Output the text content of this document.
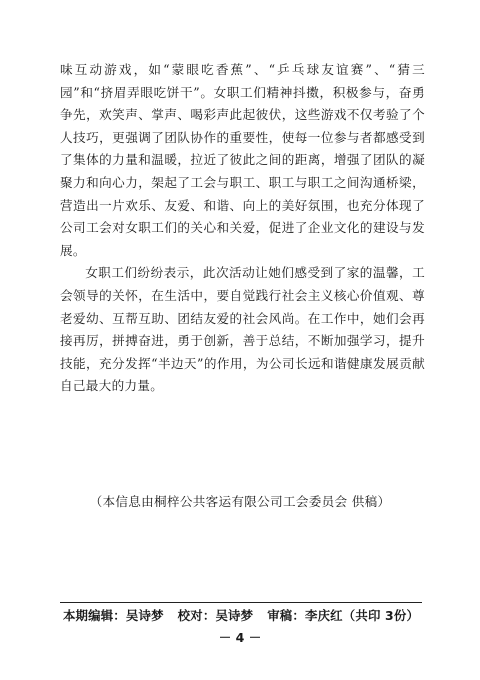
味互动游戏，如“蒙眼吃香蕉”、“乒乓球友谊赛”、“猜三园”和“挤眉弄眼吃饼干”。女职工们精神抖擞，积极参与，奋勇争先，欢笑声、掌声、喝彩声此起彼伏，这些游戏不仅考验了个人技巧，更强调了团队协作的重要性，使每一位参与者都感受到了集体的力量和温暖，拉近了彼此之间的距离，增强了团队的凝聚力和向心力，架起了工会与职工、职工与职工之间沟通桥梁，营造出一片欢乐、友爱、和谐、向上的美好氛围，也充分体现了公司工会对女职工们的关心和关爱，促进了企业文化的建设与发展。

女职工们纷纷表示，此次活动让她们感受到了家的温馨，工会领导的关怀，在生活中，要自觉践行社会主义核心价值观、尊老爱幼、互帮互助、团结友爱的社会风尚。在工作中，她们会再接再厉，拼搏奋进，勇于创新，善于总结，不断加强学习，提升技能，充分发挥“半边天”的作用，为公司长远和谐健康发展贡献自己最大的力量。

（本信息由桐梓公共客运有限公司工会委员会 供稿）
本期编辑：吴诗梦 校对：吴诗梦 审稿：李庆红（共印 3份）
－ 4 －
